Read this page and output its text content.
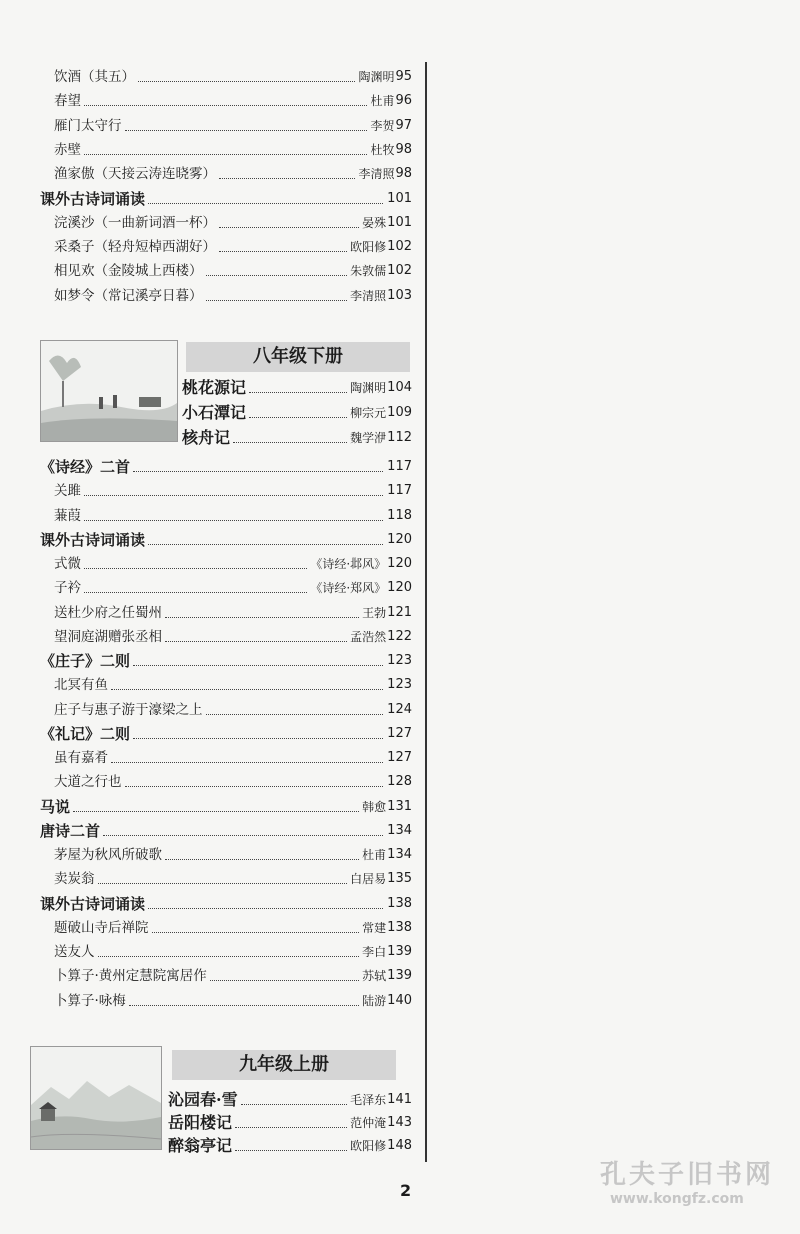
饮酒（其五）	陶渊明 95
春望	杜甫 96
雁门太守行	李贺 97
赤壁	杜牧 98
渔家傲（天接云涛连晓雾）	李清照 98
课外古诗词诵读	101
浣溪沙（一曲新词酒一杯）	晏殊 101
采桑子（轻舟短棹西湖好）	欧阳修 102
相见欢（金陵城上西楼）	朱敦儒 102
如梦令（常记溪亭日暮）	李清照 103
八年级下册
桃花源记	陶渊明 104
小石潭记	柳宗元 109
核舟记	魏学洢 112
《诗经》二首	117
关雎	117
蒹葭	118
课外古诗词诵读	120
式微	《诗经·邶风》 120
子衿	《诗经·郑风》 120
送杜少府之任蜀州	王勃 121
望洞庭湖赠张丞相	孟浩然 122
《庄子》二则	123
北冥有鱼	123
庄子与惠子游于濠梁之上	124
《礼记》二则	127
虽有嘉肴	127
大道之行也	128
马说	韩愈 131
唐诗二首	134
茅屋为秋风所破歌	杜甫 134
卖炭翁	白居易 135
课外古诗词诵读	138
题破山寺后禅院	常建 138
送友人	李白 139
卜算子·黄州定慧院寓居作	苏轼 139
卜算子·咏梅	陆游 140
九年级上册
沁园春·雪	毛泽东 141
岳阳楼记	范仲淹 143
醉翁亭记	欧阳修 148
2
孔夫子旧书网
www.kongfz.com
